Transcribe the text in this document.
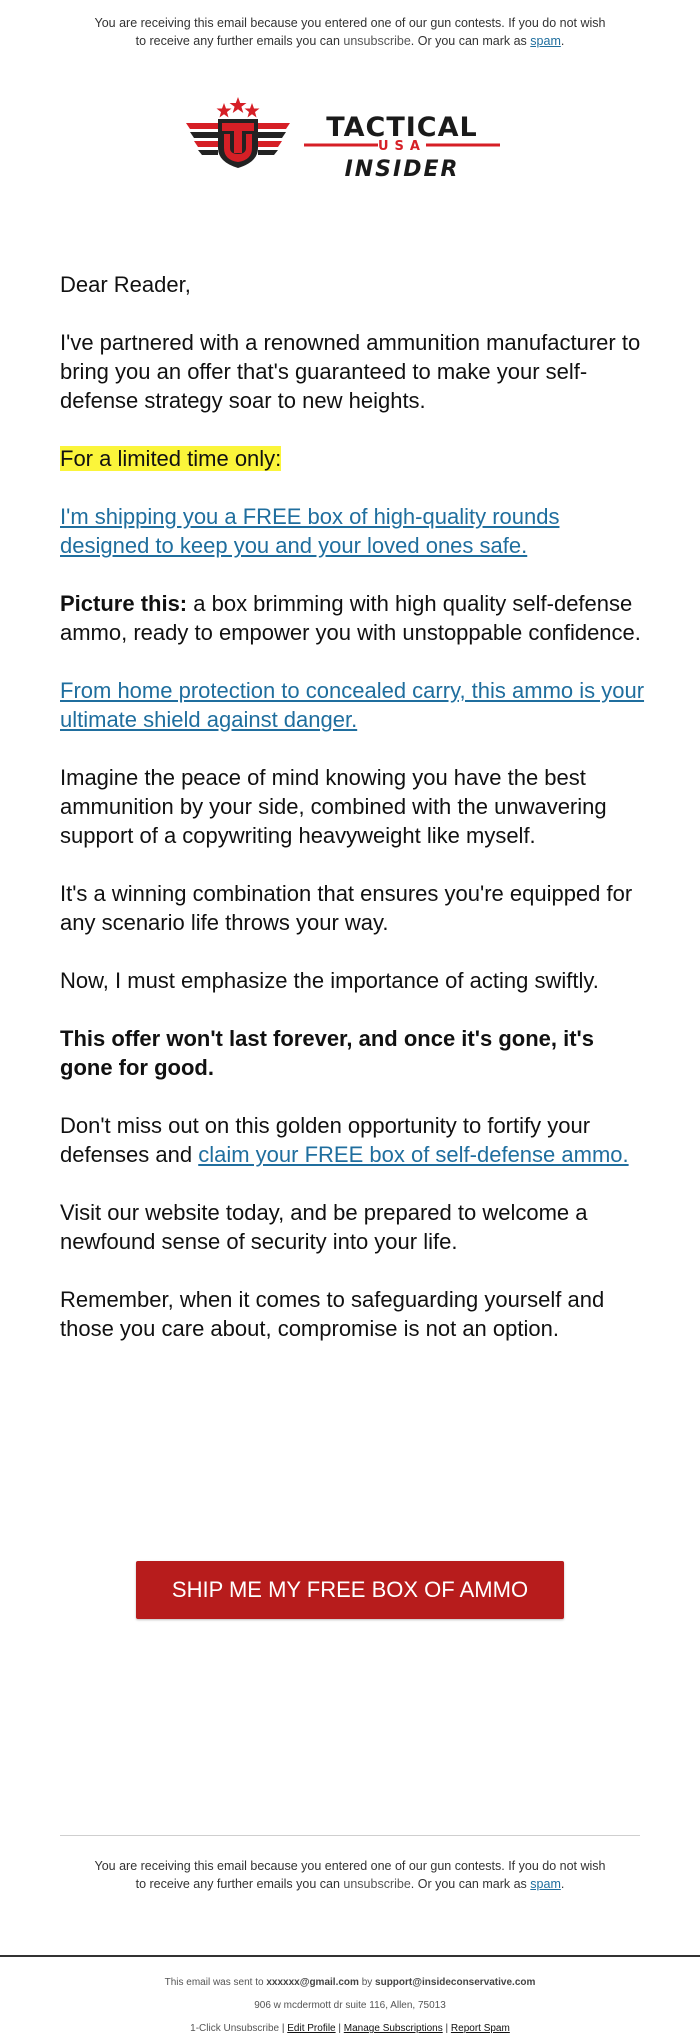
You are receiving this email because you entered one of our gun contests. If you do not wish
to receive any further emails you can unsubscribe. Or you can mark as spam.
TACTICAL
USA
INSIDER

Dear Reader,

I've partnered with a renowned ammunition manufacturer to bring you an offer that's guaranteed to make your self-defense strategy soar to new heights.

For a limited time only:

I'm shipping you a FREE box of high-quality rounds designed to keep you and your loved ones safe.

Picture this: a box brimming with high quality self-defense ammo, ready to empower you with unstoppable confidence.

From home protection to concealed carry, this ammo is your ultimate shield against danger.

Imagine the peace of mind knowing you have the best ammunition by your side, combined with the unwavering support of a copywriting heavyweight like myself.

It's a winning combination that ensures you're equipped for any scenario life throws your way.

Now, I must emphasize the importance of acting swiftly.

This offer won't last forever, and once it's gone, it's gone for good.

Don't miss out on this golden opportunity to fortify your defenses and claim your FREE box of self-defense ammo.

Visit our website today, and be prepared to welcome a newfound sense of security into your life.

Remember, when it comes to safeguarding yourself and those you care about, compromise is not an option.

SHIP ME MY FREE BOX OF AMMO
You are receiving this email because you entered one of our gun contests. If you do not wish
to receive any further emails you can unsubscribe. Or you can mark as spam.
This email was sent to xxxxxx@gmail.com by support@insideconservative.com
906 w mcdermott dr suite 116, Allen, 75013
1-Click Unsubscribe | Edit Profile | Manage Subscriptions | Report Spam
